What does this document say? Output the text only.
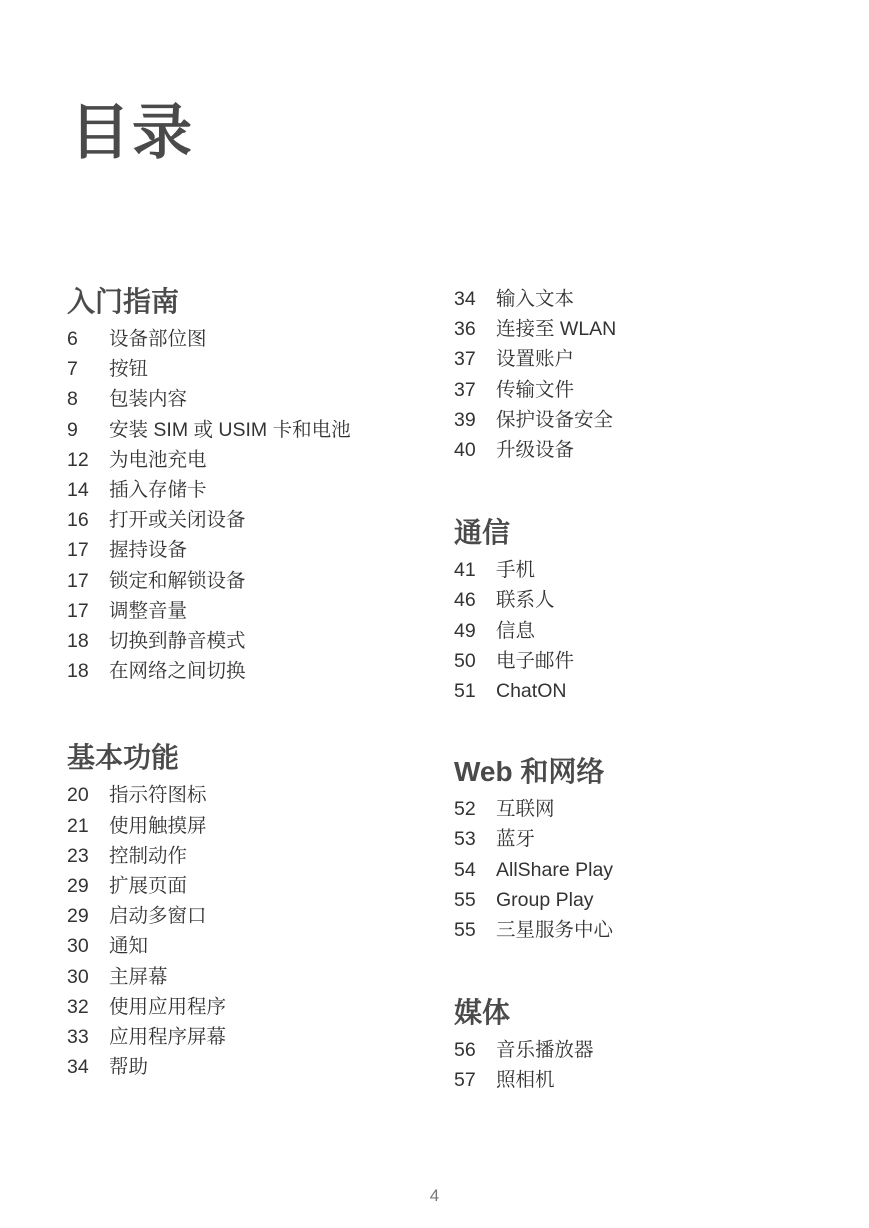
目录
入门指南
6	设备部位图
7	按钮
8	包装内容
9	安装 SIM 或 USIM 卡和电池
12	为电池充电
14	插入存储卡
16	打开或关闭设备
17	握持设备
17	锁定和解锁设备
17	调整音量
18	切换到静音模式
18	在网络之间切换
基本功能
20	指示符图标
21	使用触摸屏
23	控制动作
29	扩展页面
29	启动多窗口
30	通知
30	主屏幕
32	使用应用程序
33	应用程序屏幕
34	帮助
34	输入文本
36	连接至 WLAN
37	设置账户
37	传输文件
39	保护设备安全
40	升级设备
通信
41	手机
46	联系人
49	信息
50	电子邮件
51	ChatON
Web 和网络
52	互联网
53	蓝牙
54	AllShare Play
55	Group Play
55	三星服务中心
媒体
56	音乐播放器
57	照相机
4
